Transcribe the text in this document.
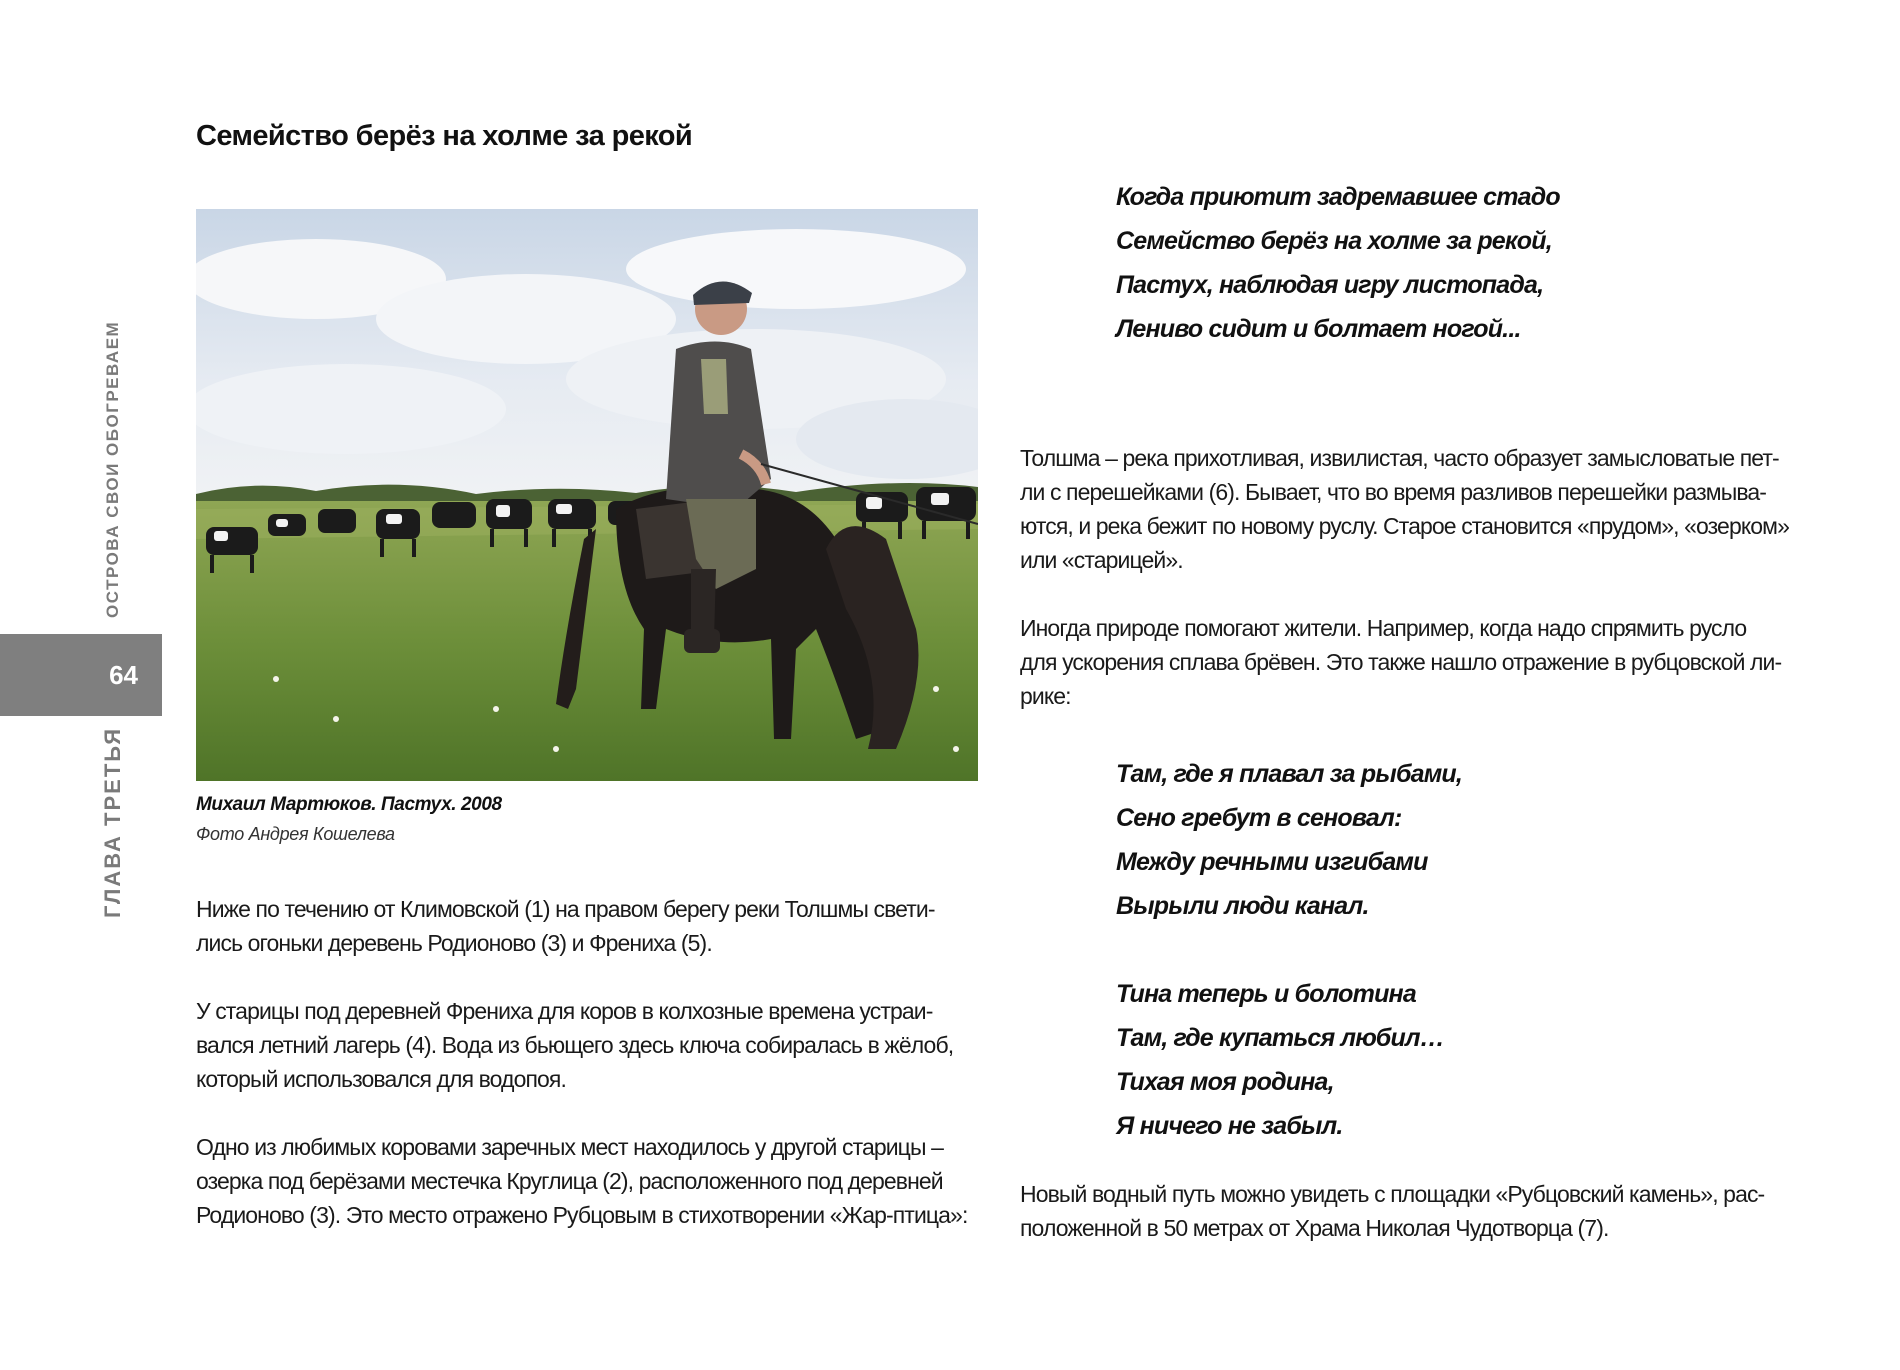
ОСТРОВА СВОИ ОБОГРЕВАЕМ
64
ГЛАВА ТРЕТЬЯ
Семейство берёз на холме за рекой
Михаил Мартюков. Пастух. 2008
Фото Андрея Кошелева

Ниже по течению от Климовской (1) на правом берегу реки Толшмы свети-
лись огоньки деревень Родионово (3) и Френиха (5).

У старицы под деревней Френиха для коров в колхозные времена устраи-
вался летний лагерь (4). Вода из бьющего здесь ключа собиралась в жёлоб,
который использовался для водопоя.

Одно из любимых коровами заречных мест находилось у другой старицы –
озерка под берёзами местечка Круглица (2), расположенного под деревней
Родионово (3). Это место отражено Рубцовым в стихотворении «Жар-птица»:

Когда приютит задремавшее стадо
Семейство берёз на холме за рекой,
Пастух, наблюдая игру листопада,
Лениво сидит и болтает ногой...

Толшма – река прихотливая, извилистая, часто образует замысловатые пет-
ли с перешейками (6). Бывает, что во время разливов перешейки размыва-
ются, и река бежит по новому руслу. Старое становится «прудом», «озерком»
или «старицей».

Иногда природе помогают жители. Например, когда надо спрямить русло
для ускорения сплава брёвен. Это также нашло отражение в рубцовской ли-
рике:

Там, где я плавал за рыбами,
Сено гребут в сеновал:
Между речными изгибами
Вырыли люди канал.
Тина теперь и болотина
Там, где купаться любил…
Тихая моя родина,
Я ничего не забыл.

Новый водный путь можно увидеть с площадки «Рубцовский камень», рас-
положенной в 50 метрах от Храма Николая Чудотворца (7).
